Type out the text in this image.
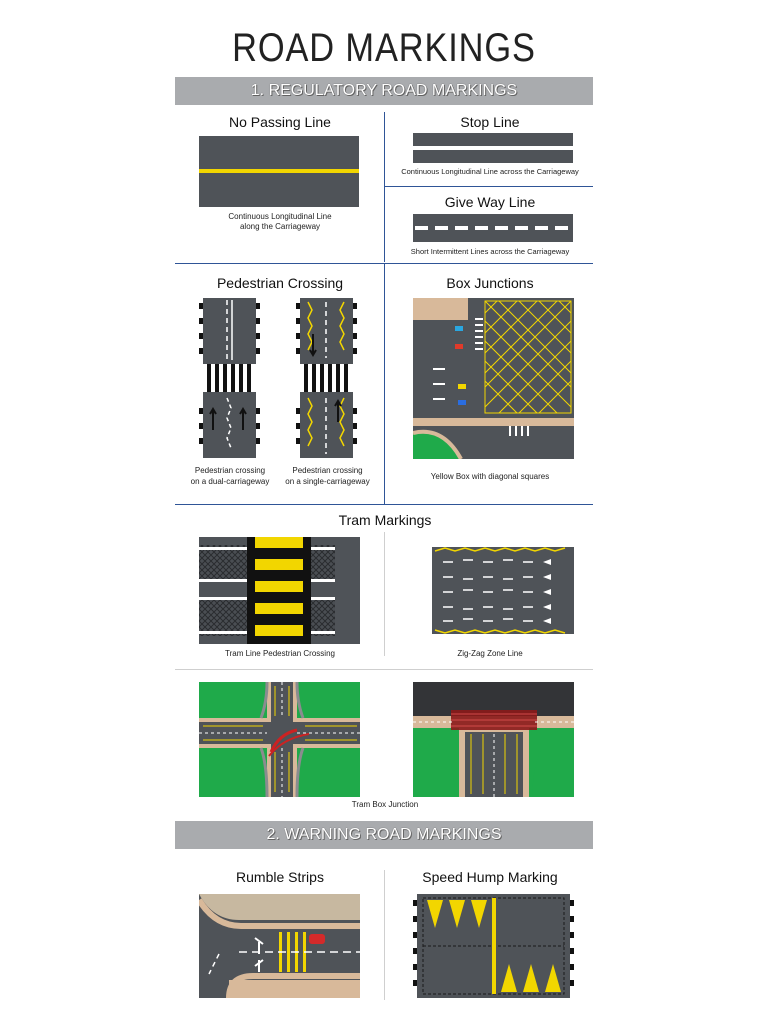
ROAD MARKINGS
1. REGULATORY ROAD MARKINGS
No Passing Line
Continuous Longitudinal Line
along the Carriageway
Stop Line
Continuous Longitudinal Line across the Carriageway
Give Way Line
Short Intermittent Lines across the Carriageway
Pedestrian Crossing
Pedestrian crossing
on a dual-carriageway
Pedestrian crossing
on a single-carriageway
Box Junctions
Yellow Box with diagonal squares
Tram Markings
Tram Line Pedestrian Crossing	Zig-Zag Zone Line
Tram Box Junction
2. WARNING ROAD MARKINGS
Rumble Strips	Speed Hump Marking
